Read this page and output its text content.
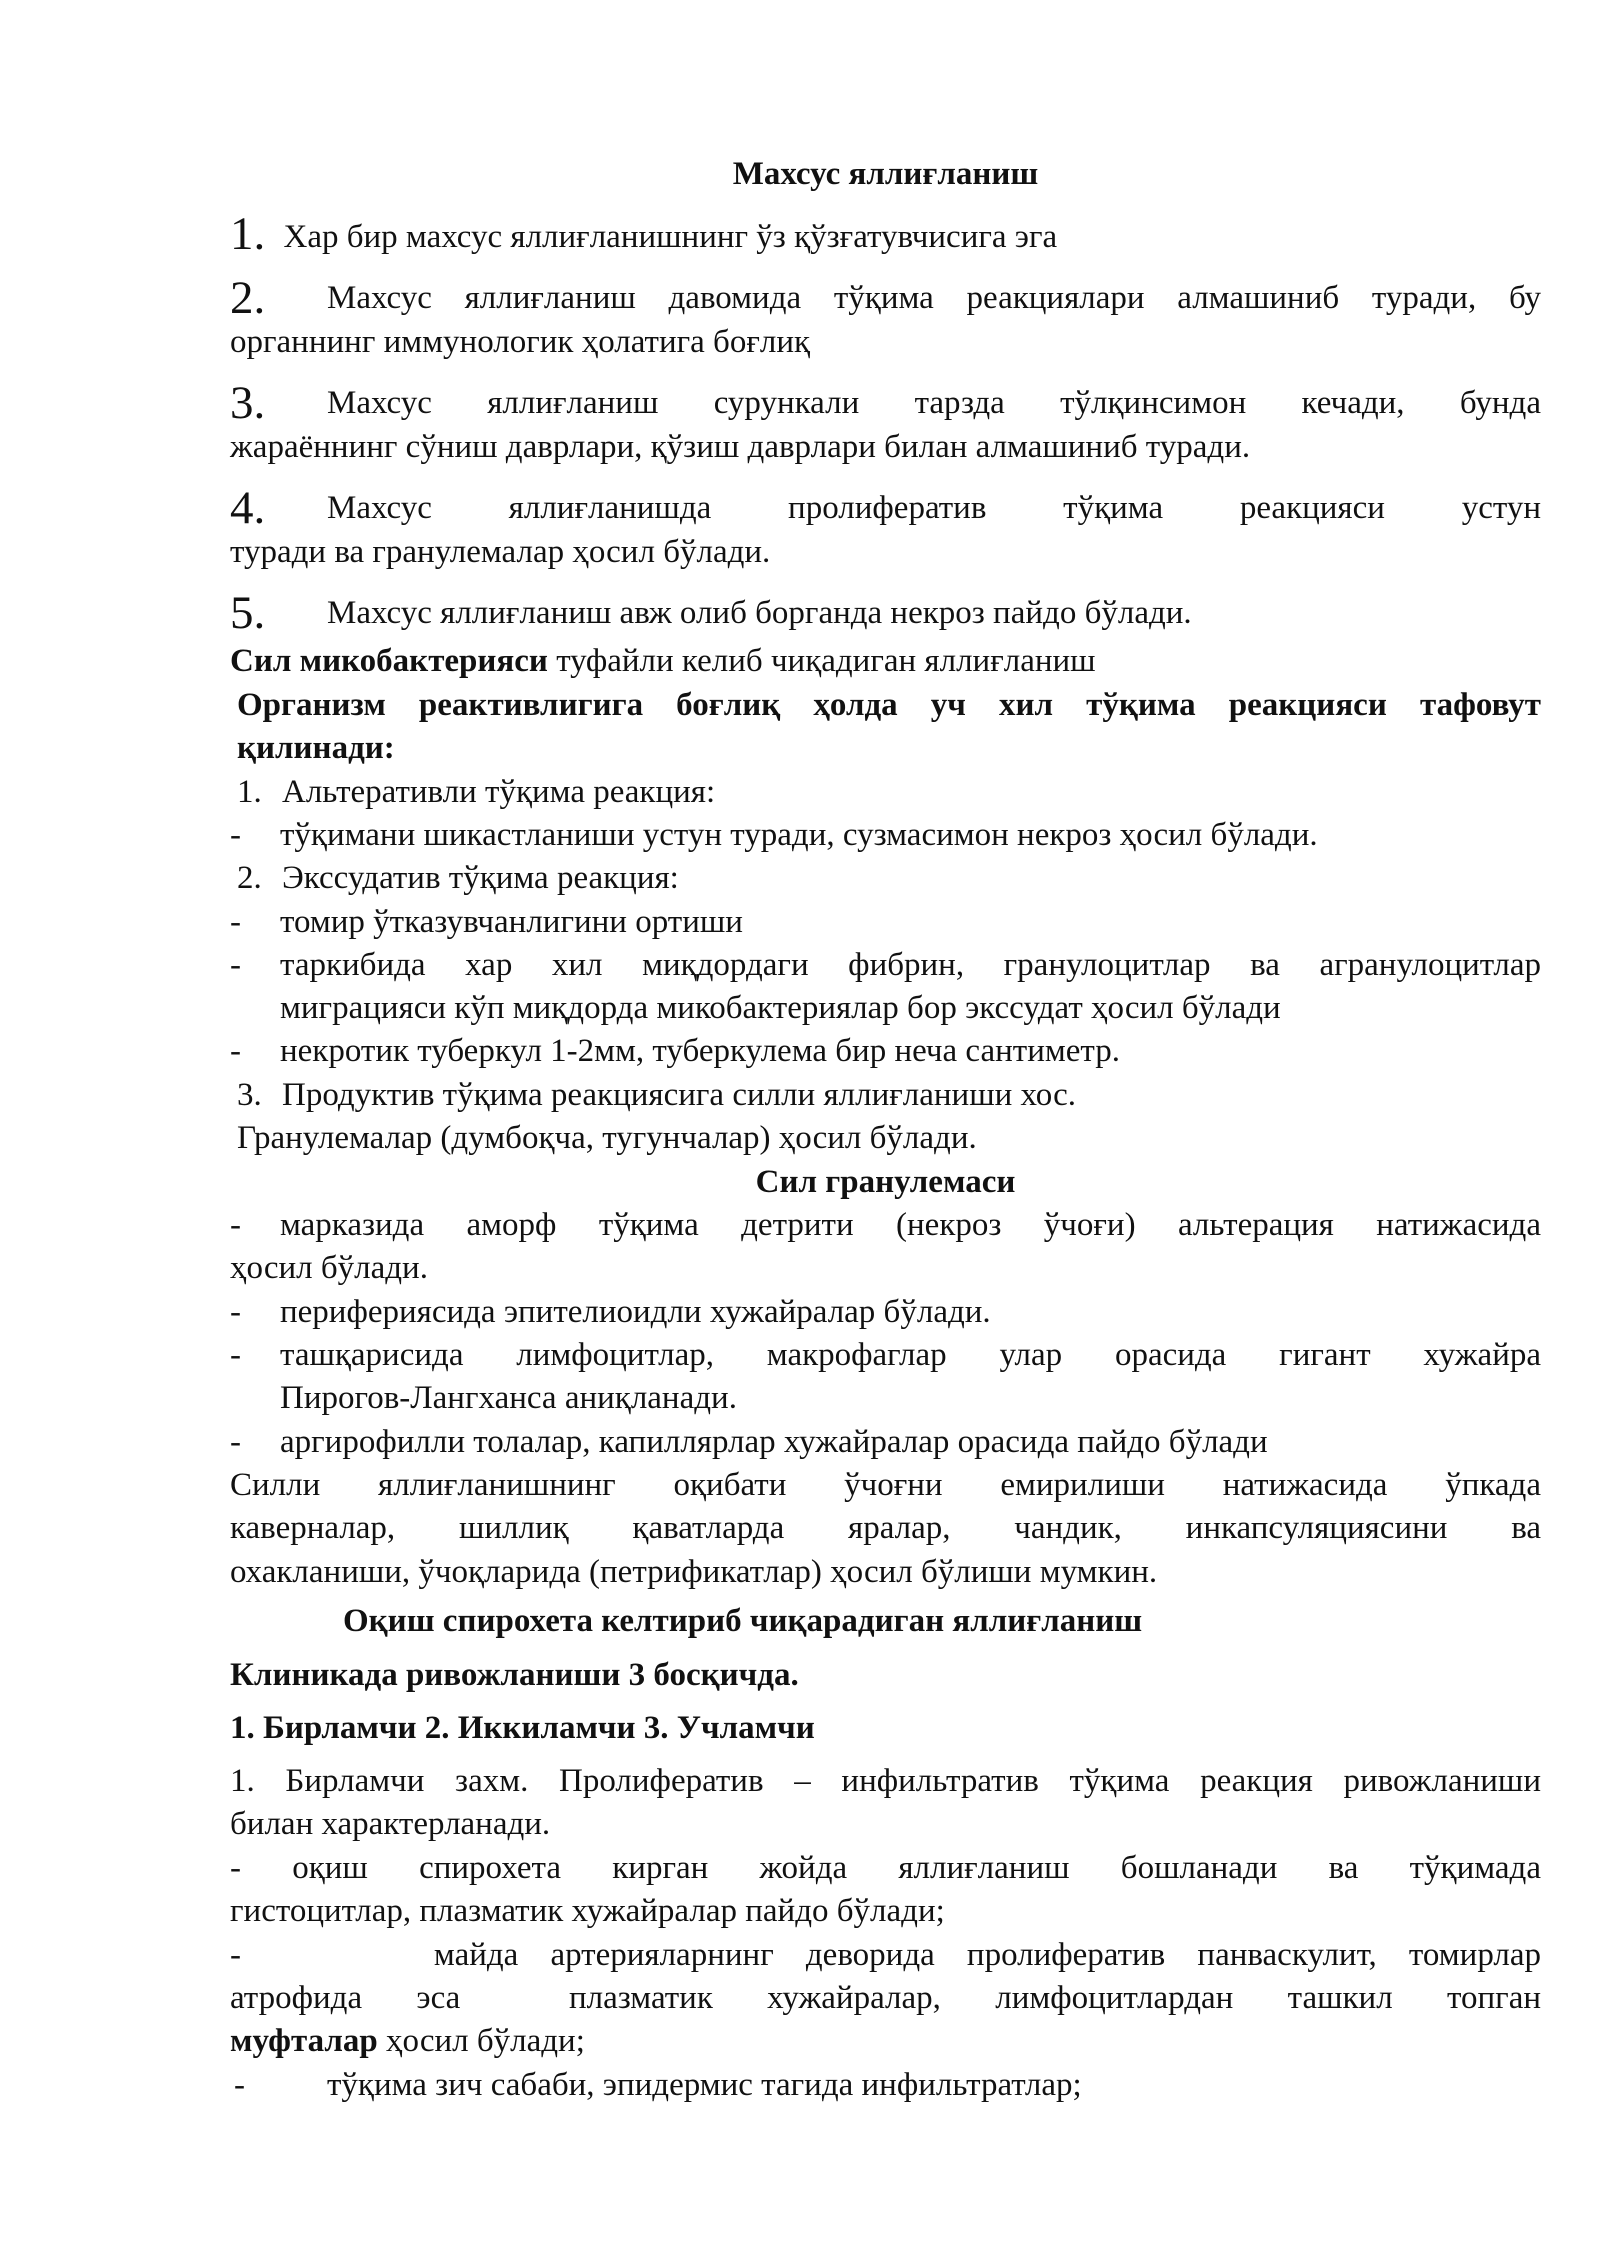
Махсус яллиғланиш
1. Хар бир махсус яллиғланишнинг ўз қўзғатувчисига эга
2. Махсус яллиғланиш давомида тўқима реакциялари алмашиниб туради, бу
органнинг иммунологик ҳолатига боғлиқ
3. Махсус яллиғланиш сурункали тарзда тўлқинсимон кечади, бунда
жараённинг сўниш даврлари, қўзиш даврлари билан алмашиниб туради.
4. Махсус яллиғланишда пролифератив тўқима реакцияси устун
туради ва гранулемалар ҳосил бўлади.
5. Махсус яллиғланиш авж олиб борганда некроз пайдо бўлади.
Сил микобактерияси туфайли келиб чиқадиган яллиғланиш
Организм реактивлигига боғлиқ ҳолда уч хил тўқима реакцияси тафовут
қилинади:
1. Альтеративли тўқима реакция:
- тўқимани шикастланиши устун туради, сузмасимон некроз ҳосил бўлади.
2. Экссудатив тўқима реакция:
- томир ўтказувчанлигини ортиши
- таркибида хар хил миқдордаги фибрин, гранулоцитлар ва агранулоцитлар
миграцияси кўп миқдорда микобактериялар бор экссудат ҳосил бўлади
- некротик туберкул 1-2мм, туберкулема бир неча сантиметр.
3. Продуктив тўқима реакциясига силли яллиғланиши хос.
Гранулемалар (думбоқча, тугунчалар) ҳосил бўлади.
Сил гранулемаси
- марказида аморф тўқима детрити (некроз ўчоғи) альтерация натижасида
ҳосил бўлади.
- периферияcида эпителиоидли хужайралар бўлади.
- ташқарисида лимфоцитлар, макрофаглар улар орасида гигант хужайра
Пирогов-Лангханса аниқланади.
- аргирофилли толалар, капиллярлар хужайралар орасида пайдо бўлади
Силли яллиғланишнинг оқибати ўчоғни емирилиши натижасида ўпкада
каверналар, шиллиқ қаватларда яралар, чандик, инкапсуляциясини ва
охакланиши, ўчоқларида (петрификатлар) ҳосил бўлиши мумкин.
Оқиш спирохета келтириб чиқарадиган яллиғланиш
Клиникада ривожланиши 3 босқичда.
1. Бирламчи 2. Иккиламчи 3. Учламчи
1. Бирламчи захм. Пролифератив – инфильтратив тўқима реакция ривожланиши
билан характерланади.
- оқиш спирохета кирган жойда яллиғланиш бошланади ва тўқимада
гистоцитлар, плазматик хужайралар пайдо бўлади;
-      майда артерияларнинг деворида пролифератив панваскулит, томирлар
атрофида эса  плазматик хужайралар, лимфоцитлардан ташкил топган
муфталар ҳосил бўлади;
- тўқима зич сабаби, эпидермис тагида инфильтратлар;
